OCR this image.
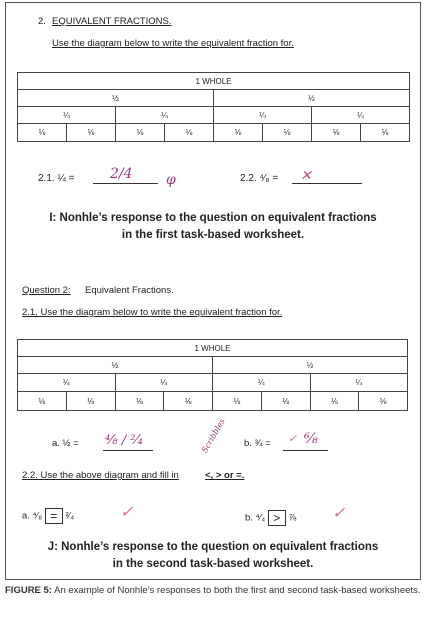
2. EQUIVALENT FRACTIONS.
Use the diagram below to write the equivalent fraction for.
1 WHOLE							
½				½			
¼		¼		¼		¼	
⅛	⅛	⅛	⅛	⅛	⅛	⅛	⅛
2.1. ¼ =	2/4 φ	2.2. ⁴⁄₈ = ✕
I: Nonhle’s response to the question on equivalent fractions
in the first task-based worksheet.
Question 2: Equivalent Fractions.
2.1. Use the diagram below to write the equivalent fraction for.
1 WHOLE							
½				½			
¼		¼		¼		¼	
⅛	⅛	⅛	⅛	⅛	⅛	⅛	⅛
a. ½ = ⁴⁄₈ / ²⁄₄	Scribbles b. ¾ = ⁶⁄₈
✓
2.2. Use the above diagram and fill in	<, > or =.
a. ⁴⁄₈ = ²⁄₄	✓	b. ⁴⁄₄ > ⅞ ✓
J: Nonhle’s response to the question on equivalent fractions
in the second task-based worksheet.
FIGURE 5: An example of Nonhle’s responses to both the first and second task-based worksheets.
